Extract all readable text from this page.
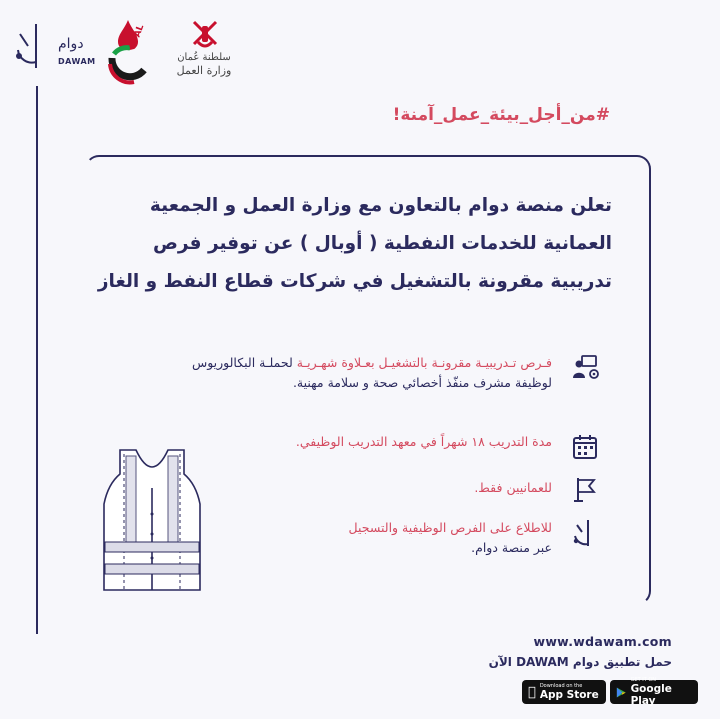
دوام
DAWAM
OPAL
سلطنة عُمان
وزارة العمل
#من_أجل_بيئة_عمل_آمنة!
تعلن منصة دوام بالتعاون مع وزارة العمل و الجمعية العمانية للخدمات النفطية ( أوبال ) عن توفير فرص تدريبية مقرونة بالتشغيل في شركات قطاع النفط و الغاز
فـرص تـدريبيـة مقرونـة بالتشغيـل بعـلاوة شهـريـة لحملـة البكالوريوس لوظيفة مشرف منفّذ أخصائي صحة و سلامة مهنية.
مدة التدريب ١٨ شهراً في معهد التدريب الوظيفي.
للعمانيين فقط.
للاطلاع على الفرص الوظيفية والتسجيل
عبر منصة دوام.
www.wdawam.com
حمل تطبيق دوام DAWAM الآن
Download on the
App Store
GET IT ON
Google Play
